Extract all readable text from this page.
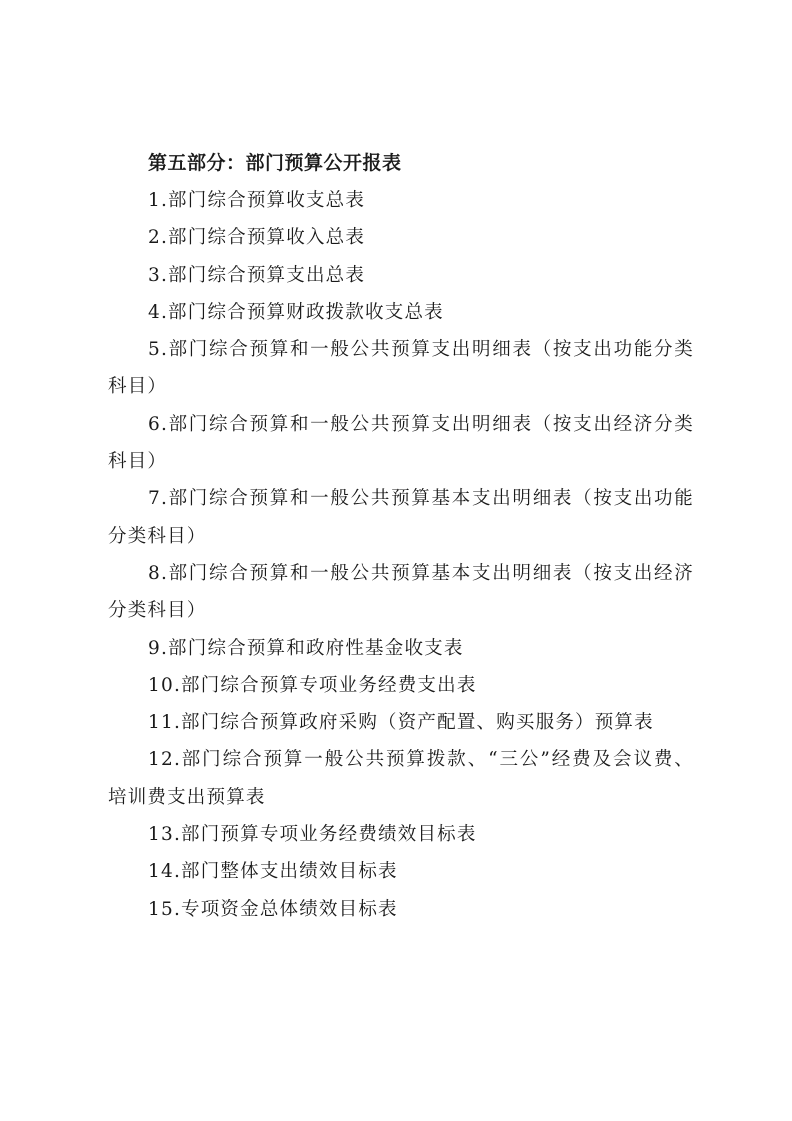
第五部分：部门预算公开报表
1.部门综合预算收支总表
2.部门综合预算收入总表
3.部门综合预算支出总表
4.部门综合预算财政拨款收支总表
5.部门综合预算和一般公共预算支出明细表（按支出功能分类科目）
6.部门综合预算和一般公共预算支出明细表（按支出经济分类科目）
7.部门综合预算和一般公共预算基本支出明细表（按支出功能分类科目）
8.部门综合预算和一般公共预算基本支出明细表（按支出经济分类科目）
9.部门综合预算和政府性基金收支表
10.部门综合预算专项业务经费支出表
11.部门综合预算政府采购（资产配置、购买服务）预算表
12.部门综合预算一般公共预算拨款、“三公”经费及会议费、培训费支出预算表
13.部门预算专项业务经费绩效目标表
14.部门整体支出绩效目标表
15.专项资金总体绩效目标表
